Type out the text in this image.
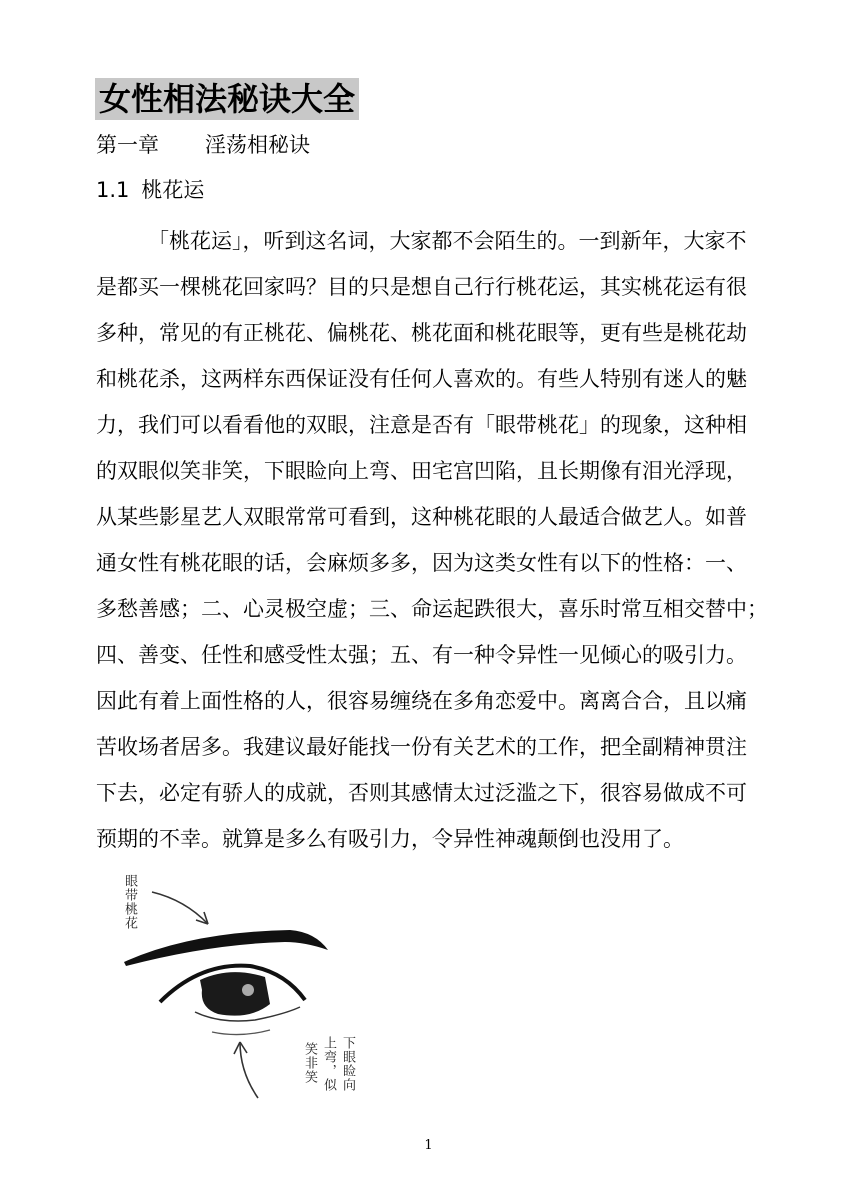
女性相法秘诀大全
第一章 淫荡相秘诀
1.1 桃花运
「桃花运」，听到这名词，大家都不会陌生的。一到新年，大家不
是都买一棵桃花回家吗？目的只是想自己行行桃花运，其实桃花运有很
多种，常见的有正桃花、偏桃花、桃花面和桃花眼等，更有些是桃花劫
和桃花杀，这两样东西保证没有任何人喜欢的。有些人特别有迷人的魅
力，我们可以看看他的双眼，注意是否有「眼带桃花」的现象，这种相
的双眼似笑非笑，下眼睑向上弯、田宅宫凹陷，且长期像有泪光浮现，
从某些影星艺人双眼常常可看到，这种桃花眼的人最适合做艺人。如普
通女性有桃花眼的话，会麻烦多多，因为这类女性有以下的性格：一、
多愁善感；二、心灵极空虚；三、命运起跌很大，喜乐时常互相交替中；
四、善变、任性和感受性太强；五、有一种令异性一见倾心的吸引力。
因此有着上面性格的人，很容易缠绕在多角恋爱中。离离合合，且以痛
苦收场者居多。我建议最好能找一份有关艺术的工作，把全副精神贯注
下去，必定有骄人的成就，否则其感情太过泛滥之下，很容易做成不可
预期的不幸。就算是多么有吸引力，令异性神魂颠倒也没用了。
眼带桃花
下眼睑向
上弯，似
笑非笑
1
